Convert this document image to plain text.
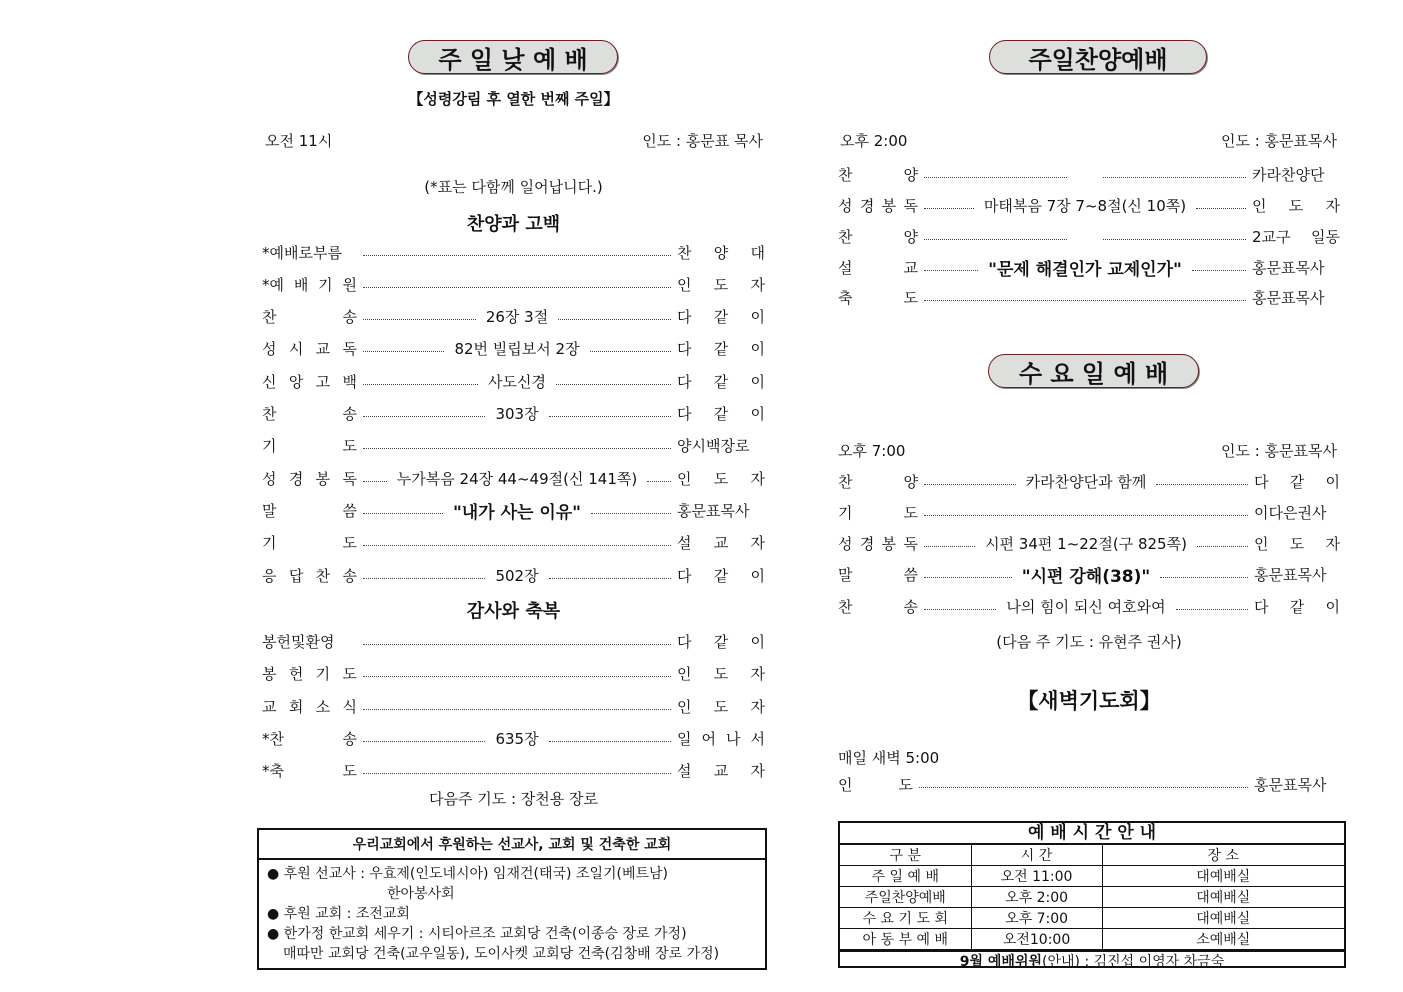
주 일 낮 예 배
【성령강림 후 열한 번째 주일】
오전 11시	인도 : 홍문표 목사
(*표는 다함께 일어납니다.)
찬양과 고백
*예배로부름	찬 양 대
*예 배 기 원	인 도 자
찬 송	26장 3절	다 같 이
성 시 교 독	82번 빌립보서 2장	다 같 이
신 앙 고 백	사도신경	다 같 이
찬 송	303장	다 같 이
기 도	양시백장로
성 경 봉 독	누가복음 24장 44~49절(신 141쪽)	인 도 자
말 씀	"내가 사는 이유"	홍문표목사
기 도	설 교 자
응 답 찬 송	502장	다 같 이
감사와 축복
봉헌및환영	다 같 이
봉 헌 기 도	인 도 자
교 회 소 식	인 도 자
*찬 송	635장	일 어 나 서
*축 도	설 교 자
다음주 기도 : 장천용 장로
우리교회에서 후원하는 선교사, 교회 및 건축한 교회
● 후원 선교사 : 우효제(인도네시아) 임재건(태국) 조일기(베트남)
한아봉사회
● 후원 교회 : 조전교회
● 한가정 한교회 세우기 : 시티아르조 교회당 건축(이종승 장로 가정)
매따만 교회당 건축(교우일동), 도이사켓 교회당 건축(김창배 장로 가정)
주일찬양예배
오후 2:00	인도 : 홍문표목사
찬 양	카라찬양단
성 경 봉 독	마태복음 7장 7~8절(신 10쪽)	인 도 자
찬 양	2교구 일동
설 교	"문제 해결인가 교제인가"	홍문표목사
축 도	홍문표목사
수 요 일 예 배
오후 7:00	인도 : 홍문표목사
찬 양	카라찬양단과 함께	다 같 이
기 도	이다은권사
성 경 봉 독	시편 34편 1~22절(구 825쪽)	인 도 자
말 씀	"시편 강해(38)"	홍문표목사
찬 송	나의 힘이 되신 여호와여	다 같 이
(다음 주 기도 : 유현주 권사)
【새벽기도회】
매일 새벽 5:00
인 도	홍문표목사
예 배 시 간 안 내
구 분	시 간	장 소
주 일 예 배	오전 11:00	대예배실
주일찬양예배	오후 2:00	대예배실
수 요 기 도 회	오후 7:00	대예배실
아 동 부 예 배	오전10:00	소예배실
9월 예배위원(안내) : 김진섭 이영자 차금숙
